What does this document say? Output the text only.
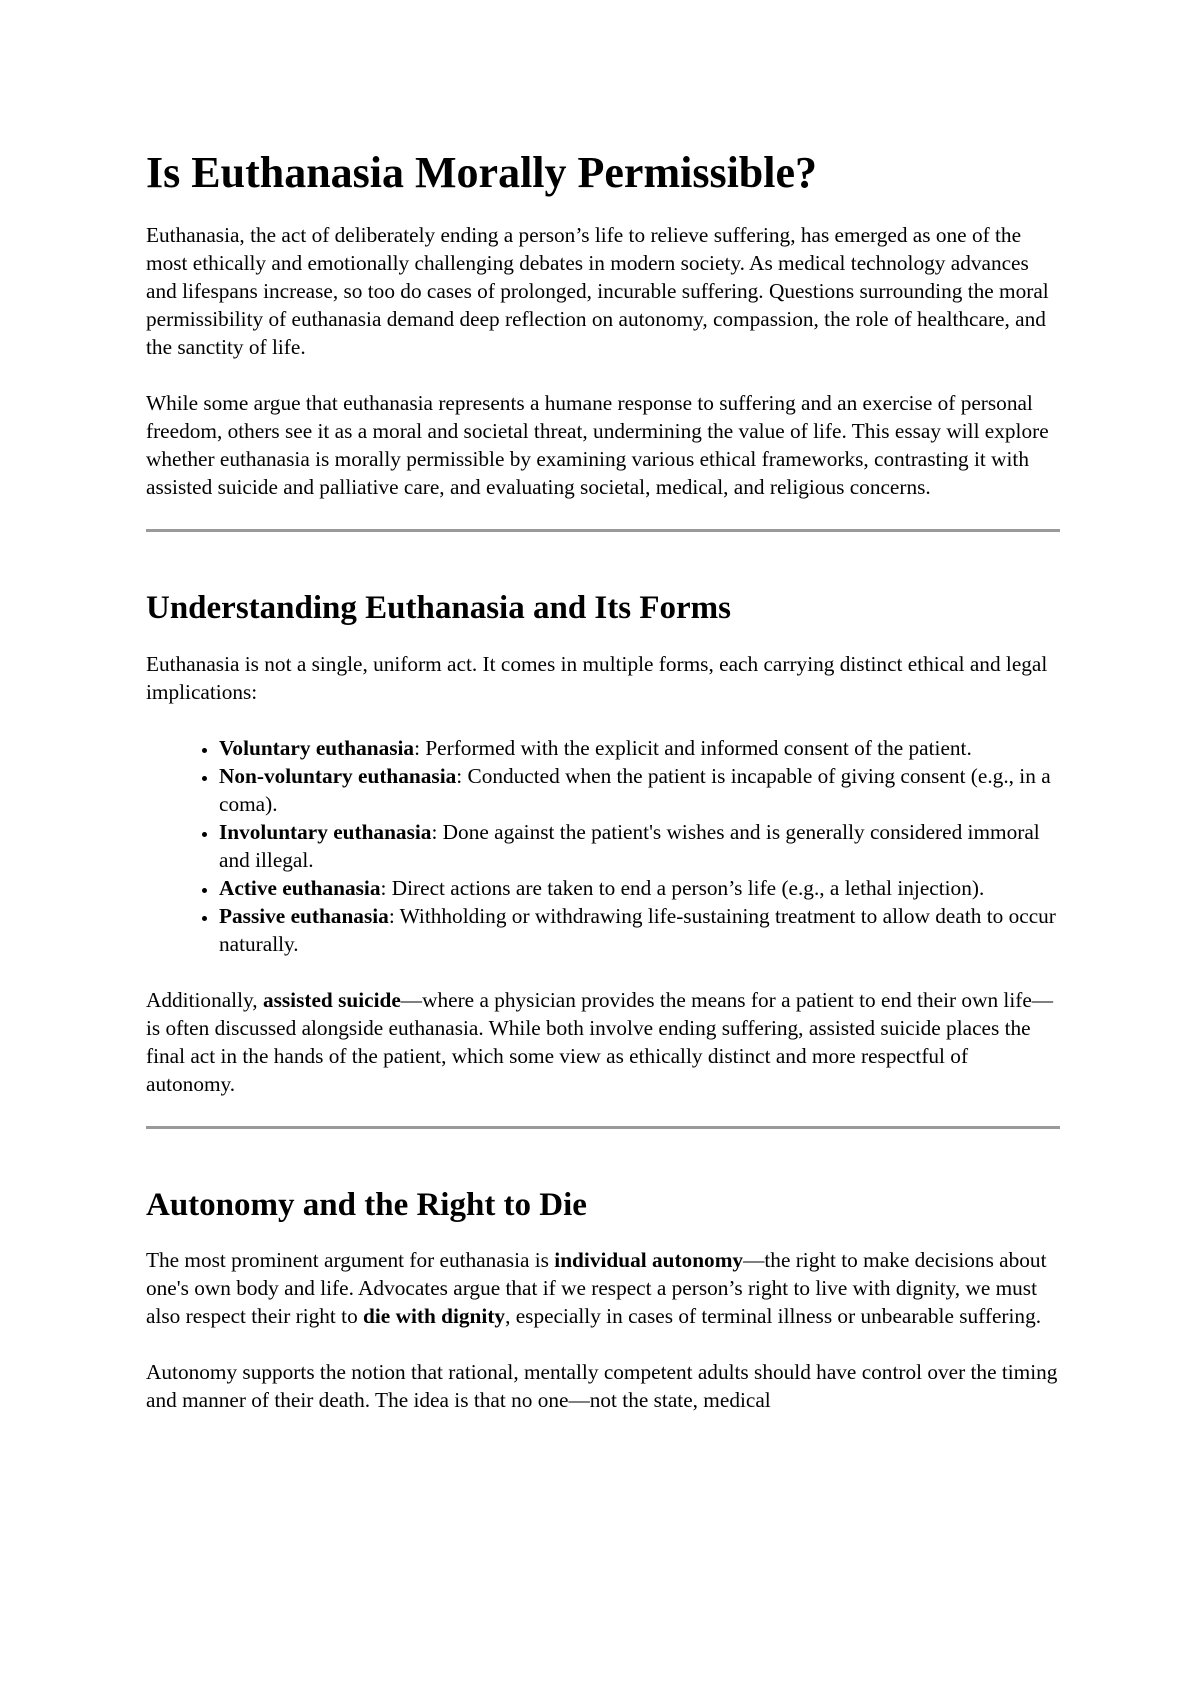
Is Euthanasia Morally Permissible?

Euthanasia, the act of deliberately ending a person’s life to relieve suffering, has emerged as one of the most ethically and emotionally challenging debates in modern society. As medical technology advances and lifespans increase, so too do cases of prolonged, incurable suffering. Questions surrounding the moral permissibility of euthanasia demand deep reflection on autonomy, compassion, the role of healthcare, and the sanctity of life.

While some argue that euthanasia represents a humane response to suffering and an exercise of personal freedom, others see it as a moral and societal threat, undermining the value of life. This essay will explore whether euthanasia is morally permissible by examining various ethical frameworks, contrasting it with assisted suicide and palliative care, and evaluating societal, medical, and religious concerns.

Understanding Euthanasia and Its Forms

Euthanasia is not a single, uniform act. It comes in multiple forms, each carrying distinct ethical and legal implications:

• Voluntary euthanasia: Performed with the explicit and informed consent of the patient.
• Non-voluntary euthanasia: Conducted when the patient is incapable of giving consent (e.g., in a coma).
• Involuntary euthanasia: Done against the patient's wishes and is generally considered immoral and illegal.
• Active euthanasia: Direct actions are taken to end a person’s life (e.g., a lethal injection).
• Passive euthanasia: Withholding or withdrawing life-sustaining treatment to allow death to occur naturally.

Additionally, assisted suicide—where a physician provides the means for a patient to end their own life—is often discussed alongside euthanasia. While both involve ending suffering, assisted suicide places the final act in the hands of the patient, which some view as ethically distinct and more respectful of autonomy.

Autonomy and the Right to Die

The most prominent argument for euthanasia is individual autonomy—the right to make decisions about one's own body and life. Advocates argue that if we respect a person’s right to live with dignity, we must also respect their right to die with dignity, especially in cases of terminal illness or unbearable suffering.

Autonomy supports the notion that rational, mentally competent adults should have control over the timing and manner of their death. The idea is that no one—not the state, medical
